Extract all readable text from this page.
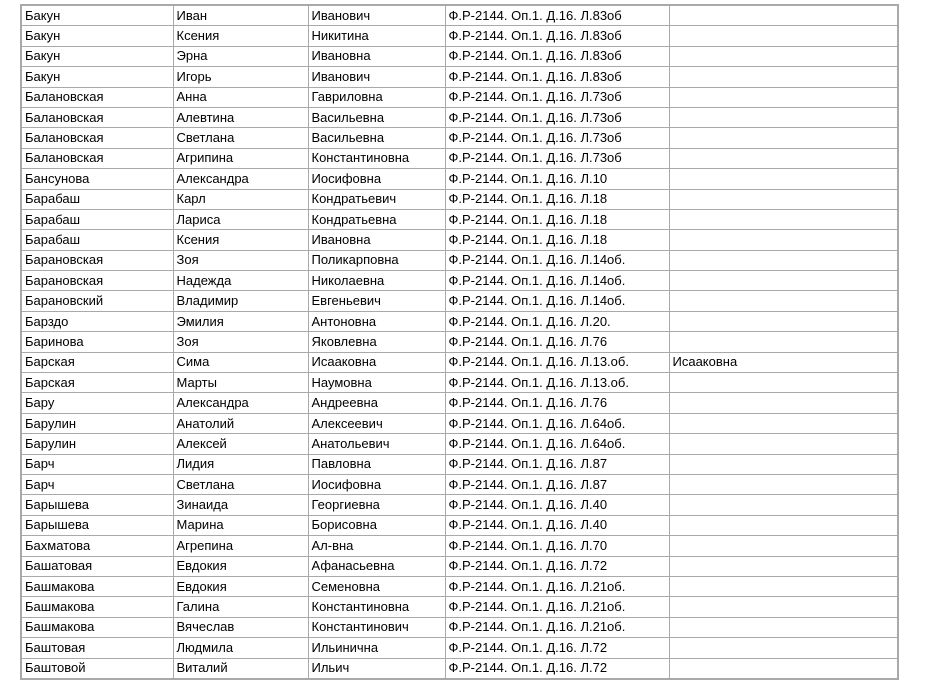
Бакун	Иван	Иванович	Ф.Р-2144. Оп.1. Д.16. Л.83об	
Бакун	Ксения	Никитина	Ф.Р-2144. Оп.1. Д.16. Л.83об	
Бакун	Эрна	Ивановна	Ф.Р-2144. Оп.1. Д.16. Л.83об	
Бакун	Игорь	Иванович	Ф.Р-2144. Оп.1. Д.16. Л.83об	
Балановская	Анна	Гавриловна	Ф.Р-2144. Оп.1. Д.16. Л.73об	
Балановская	Алевтина	Васильевна	Ф.Р-2144. Оп.1. Д.16. Л.73об	
Балановская	Светлана	Васильевна	Ф.Р-2144. Оп.1. Д.16. Л.73об	
Балановская	Агрипина	Константиновна	Ф.Р-2144. Оп.1. Д.16. Л.73об	
Бансунова	Александра	Иосифовна	Ф.Р-2144. Оп.1. Д.16. Л.10	
Барабаш	Карл	Кондратьевич	Ф.Р-2144. Оп.1. Д.16. Л.18	
Барабаш	Лариса	Кондратьевна	Ф.Р-2144. Оп.1. Д.16. Л.18	
Барабаш	Ксения	Ивановна	Ф.Р-2144. Оп.1. Д.16. Л.18	
Барановская	Зоя	Поликарповна	Ф.Р-2144. Оп.1. Д.16. Л.14об.	
Барановская	Надежда	Николаевна	Ф.Р-2144. Оп.1. Д.16. Л.14об.	
Барановский	Владимир	Евгеньевич	Ф.Р-2144. Оп.1. Д.16. Л.14об.	
Барздо	Эмилия	Антоновна	Ф.Р-2144. Оп.1. Д.16. Л.20.	
Баринова	Зоя	Яковлевна	Ф.Р-2144. Оп.1. Д.16. Л.76	
Барская	Сима	Исааковна	Ф.Р-2144. Оп.1. Д.16. Л.13.об.	Исааковна
Барская	Марты	Наумовна	Ф.Р-2144. Оп.1. Д.16. Л.13.об.	
Бару	Александра	Андреевна	Ф.Р-2144. Оп.1. Д.16. Л.76	
Барулин	Анатолий	Алексеевич	Ф.Р-2144. Оп.1. Д.16. Л.64об.	
Барулин	Алексей	Анатольевич	Ф.Р-2144. Оп.1. Д.16. Л.64об.	
Барч	Лидия	Павловна	Ф.Р-2144. Оп.1. Д.16. Л.87	
Барч	Светлана	Иосифовна	Ф.Р-2144. Оп.1. Д.16. Л.87	
Барышева	Зинаида	Георгиевна	Ф.Р-2144. Оп.1. Д.16. Л.40	
Барышева	Марина	Борисовна	Ф.Р-2144. Оп.1. Д.16. Л.40	
Бахматова	Агрепина	Ал-вна	Ф.Р-2144. Оп.1. Д.16. Л.70	
Башатовая	Евдокия	Афанасьевна	Ф.Р-2144. Оп.1. Д.16. Л.72	
Башмакова	Евдокия	Семеновна	Ф.Р-2144. Оп.1. Д.16. Л.21об.	
Башмакова	Галина	Константиновна	Ф.Р-2144. Оп.1. Д.16. Л.21об.	
Башмакова	Вячеслав	Константинович	Ф.Р-2144. Оп.1. Д.16. Л.21об.	
Баштовая	Людмила	Ильинична	Ф.Р-2144. Оп.1. Д.16. Л.72	
Баштовой	Виталий	Ильич	Ф.Р-2144. Оп.1. Д.16. Л.72	
